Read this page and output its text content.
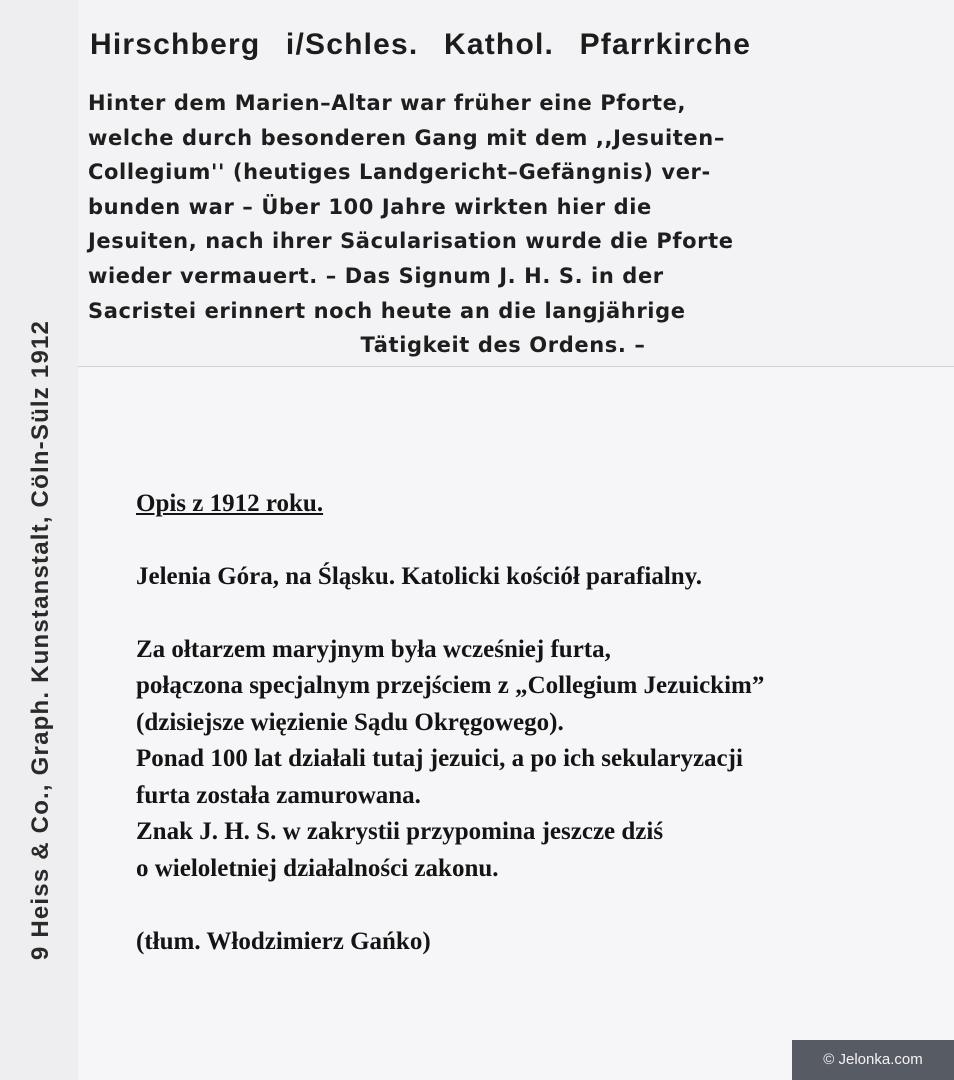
9 Heiss & Co., Graph. Kunstanstalt, Cöln-Sülz 1912
Hirschberg i/Schles. Kathol. Pfarrkirche
Hinter dem Marien–Altar war früher eine Pforte,
welche durch besonderen Gang mit dem ,,Jesuiten–
Collegium'' (heutiges Landgericht–Gefängnis) ver-
bunden war – Über 100 Jahre wirkten hier die
Jesuiten, nach ihrer Säcularisation wurde die Pforte
wieder vermauert. – Das Signum J. H. S. in der
Sacristei erinnert noch heute an die langjährige
Tätigkeit des Ordens. –
Opis z 1912 roku.
Jelenia Góra, na Śląsku. Katolicki kościół parafialny.
Za ołtarzem maryjnym była wcześniej furta,
połączona specjalnym przejściem z „Collegium Jezuickim”
(dzisiejsze więzienie Sądu Okręgowego).
Ponad 100 lat działali tutaj jezuici, a po ich sekularyzacji
furta została zamurowana.
Znak J. H. S. w zakrystii przypomina jeszcze dziś
o wieloletniej działalności zakonu.
(tłum. Włodzimierz Gańko)
© Jelonka.com
